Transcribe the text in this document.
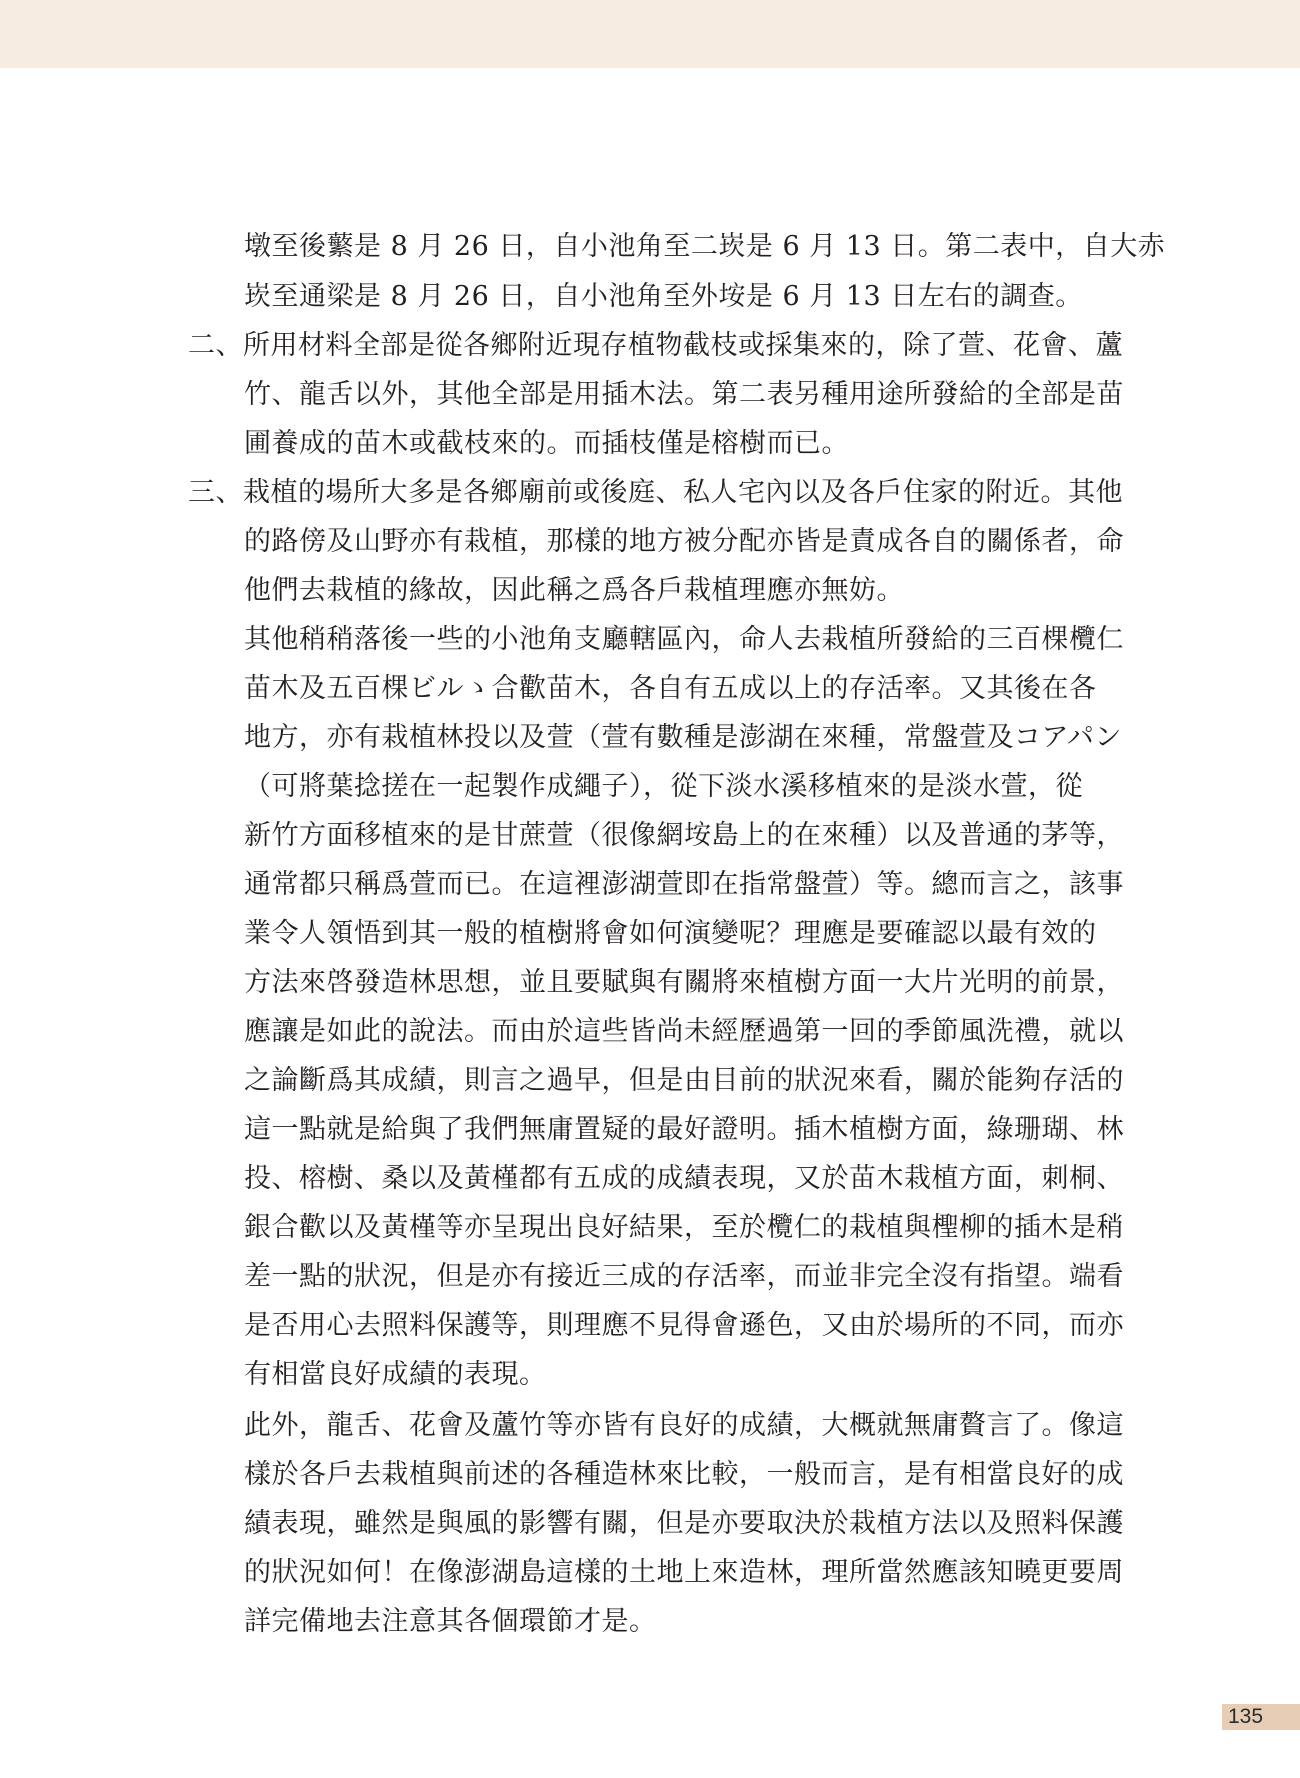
墩至後蘩是 8 月 26 日，自小池角至二崁是 6 月 13 日。第二表中，自大赤
崁至通梁是 8 月 26 日，自小池角至外垵是 6 月 13 日左右的調查。
二、所用材料全部是從各鄉附近現存植物截枝或採集來的，除了萱、花會、蘆
竹、龍舌以外，其他全部是用插木法。第二表另種用途所發給的全部是苗
圃養成的苗木或截枝來的。而插枝僅是榕樹而已。
三、栽植的場所大多是各鄉廟前或後庭、私人宅內以及各戶住家的附近。其他
的路傍及山野亦有栽植，那樣的地方被分配亦皆是責成各自的關係者，命
他們去栽植的緣故，因此稱之爲各戶栽植理應亦無妨。
其他稍稍落後一些的小池角支廳轄區內，命人去栽植所發給的三百棵欖仁
苗木及五百棵ビルゝ合歡苗木，各自有五成以上的存活率。又其後在各
地方，亦有栽植林投以及萱（萱有數種是澎湖在來種，常盤萱及コアパン
（可將葉捻搓在一起製作成繩子），從下淡水溪移植來的是淡水萱，從
新竹方面移植來的是甘蔗萱（很像網垵島上的在來種）以及普通的茅等，
通常都只稱爲萱而已。在這裡澎湖萱即在指常盤萱）等。總而言之，該事
業令人領悟到其一般的植樹將會如何演變呢？理應是要確認以最有效的
方法來啓發造林思想，並且要賦與有關將來植樹方面一大片光明的前景，
應讓是如此的說法。而由於這些皆尚未經歷過第一回的季節風洗禮，就以
之論斷爲其成績，則言之過早，但是由目前的狀況來看，關於能夠存活的
這一點就是給與了我們無庸置疑的最好證明。插木植樹方面，綠珊瑚、林
投、榕樹、桑以及黃槿都有五成的成績表現，又於苗木栽植方面，刺桐、
銀合歡以及黃槿等亦呈現出良好結果，至於欖仁的栽植與檉柳的插木是稍
差一點的狀況，但是亦有接近三成的存活率，而並非完全沒有指望。端看
是否用心去照料保護等，則理應不見得會遜色，又由於場所的不同，而亦
有相當良好成績的表現。
此外，龍舌、花會及蘆竹等亦皆有良好的成績，大概就無庸贅言了。像這
樣於各戶去栽植與前述的各種造林來比較，一般而言，是有相當良好的成
績表現，雖然是與風的影響有關，但是亦要取決於栽植方法以及照料保護
的狀況如何！在像澎湖島這樣的土地上來造林，理所當然應該知曉更要周
詳完備地去注意其各個環節才是。
135
